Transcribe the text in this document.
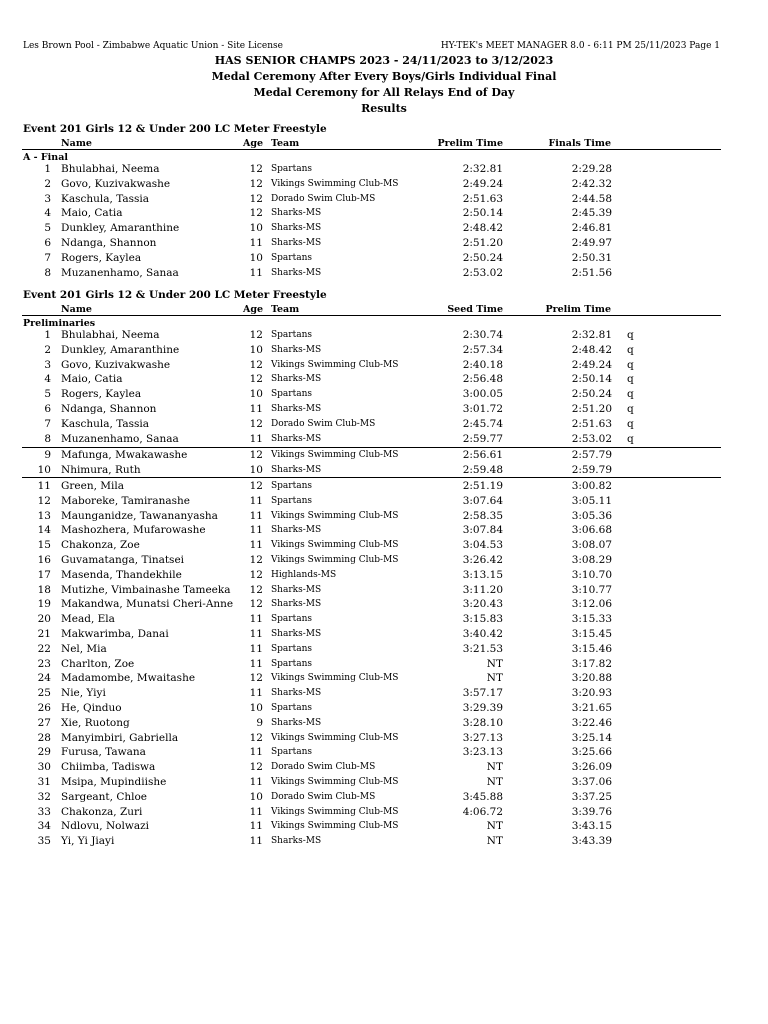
Les Brown Pool - Zimbabwe Aquatic Union - Site License	HY-TEK's MEET MANAGER 8.0 - 6:11 PM 25/11/2023 Page 1
HAS SENIOR CHAMPS 2023 - 24/11/2023 to 3/12/2023
Medal Ceremony After Every Boys/Girls Individual Final
Medal Ceremony for All Relays End of Day
Results
Event 201 Girls 12 & Under 200 LC Meter Freestyle
Name	Age Team	Prelim Time	Finals Time
A - Final
1 Bhulabhai, Neema	12 Spartans	2:32.81	2:29.28
2 Govo, Kuzivakwashe	12 Vikings Swimming Club-MS	2:49.24	2:42.32
3 Kaschula, Tassia	12 Dorado Swim Club-MS	2:51.63	2:44.58
4 Maio, Catia	12 Sharks-MS	2:50.14	2:45.39
5 Dunkley, Amaranthine	10 Sharks-MS	2:48.42	2:46.81
6 Ndanga, Shannon	11 Sharks-MS	2:51.20	2:49.97
7 Rogers, Kaylea	10 Spartans	2:50.24	2:50.31
8 Muzanenhamo, Sanaa	11 Sharks-MS	2:53.02	2:51.56
Event 201 Girls 12 & Under 200 LC Meter Freestyle
Name	Age Team	Seed Time	Prelim Time
Preliminaries
1 Bhulabhai, Neema	12 Spartans	2:30.74	2:32.81 q
2 Dunkley, Amaranthine	10 Sharks-MS	2:57.34	2:48.42 q
3 Govo, Kuzivakwashe	12 Vikings Swimming Club-MS	2:40.18	2:49.24 q
4 Maio, Catia	12 Sharks-MS	2:56.48	2:50.14 q
5 Rogers, Kaylea	10 Spartans	3:00.05	2:50.24 q
6 Ndanga, Shannon	11 Sharks-MS	3:01.72	2:51.20 q
7 Kaschula, Tassia	12 Dorado Swim Club-MS	2:45.74	2:51.63 q
8 Muzanenhamo, Sanaa	11 Sharks-MS	2:59.77	2:53.02 q
9 Mafunga, Mwakawashe	12 Vikings Swimming Club-MS	2:56.61	2:57.79
10 Nhimura, Ruth	10 Sharks-MS	2:59.48	2:59.79
11 Green, Mila	12 Spartans	2:51.19	3:00.82
12 Maboreke, Tamiranashe	11 Spartans	3:07.64	3:05.11
13 Maunganidze, Tawananyasha	11 Vikings Swimming Club-MS	2:58.35	3:05.36
14 Mashozhera, Mufarowashe	11 Sharks-MS	3:07.84	3:06.68
15 Chakonza, Zoe	11 Vikings Swimming Club-MS	3:04.53	3:08.07
16 Guvamatanga, Tinatsei	12 Vikings Swimming Club-MS	3:26.42	3:08.29
17 Masenda, Thandekhile	12 Highlands-MS	3:13.15	3:10.70
18 Mutizhe, Vimbainashe Tameeka	12 Sharks-MS	3:11.20	3:10.77
19 Makandwa, Munatsi Cheri-Anne	12 Sharks-MS	3:20.43	3:12.06
20 Mead, Ela	11 Spartans	3:15.83	3:15.33
21 Makwarimba, Danai	11 Sharks-MS	3:40.42	3:15.45
22 Nel, Mia	11 Spartans	3:21.53	3:15.46
23 Charlton, Zoe	11 Spartans	NT	3:17.82
24 Madamombe, Mwaitashe	12 Vikings Swimming Club-MS	NT	3:20.88
25 Nie, Yiyi	11 Sharks-MS	3:57.17	3:20.93
26 He, Qinduo	10 Spartans	3:29.39	3:21.65
27 Xie, Ruotong	9 Sharks-MS	3:28.10	3:22.46
28 Manyimbiri, Gabriella	12 Vikings Swimming Club-MS	3:27.13	3:25.14
29 Furusa, Tawana	11 Spartans	3:23.13	3:25.66
30 Chiimba, Tadiswa	12 Dorado Swim Club-MS	NT	3:26.09
31 Msipa, Mupindiishe	11 Vikings Swimming Club-MS	NT	3:37.06
32 Sargeant, Chloe	10 Dorado Swim Club-MS	3:45.88	3:37.25
33 Chakonza, Zuri	11 Vikings Swimming Club-MS	4:06.72	3:39.76
34 Ndlovu, Nolwazi	11 Vikings Swimming Club-MS	NT	3:43.15
35 Yi, Yi Jiayi	11 Sharks-MS	NT	3:43.39
